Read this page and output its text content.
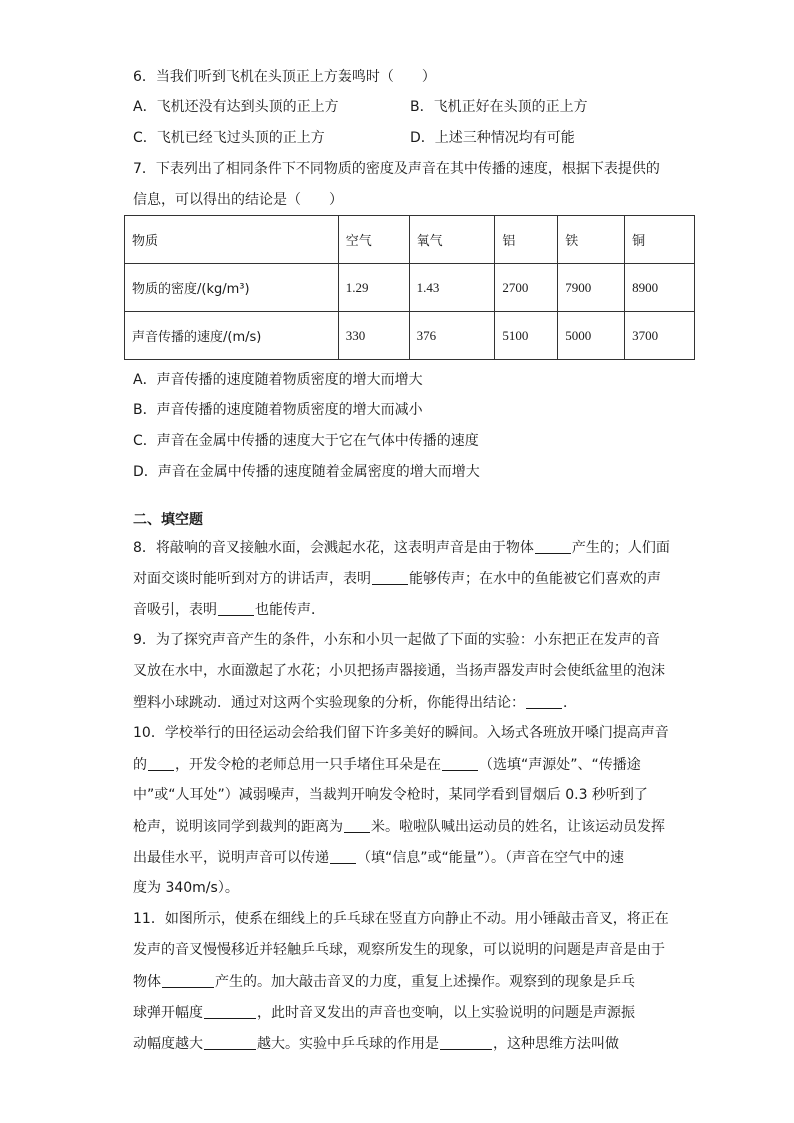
6．当我们听到飞机在头顶正上方轰鸣时（　　）
A．飞机还没有达到头顶的正上方	B．飞机正好在头顶的正上方
C．飞机已经飞过头顶的正上方	D．上述三种情况均有可能
7．下表列出了相同条件下不同物质的密度及声音在其中传播的速度，根据下表提供的
信息，可以得出的结论是（　　）
物质	空气	氧气	铝	铁	铜
物质的密度/(kg/m³)	1.29	1.43	2700	7900	8900
声音传播的速度/(m/s)	330	376	5100	5000	3700
A．声音传播的速度随着物质密度的增大而增大
B．声音传播的速度随着物质密度的增大而减小
C．声音在金属中传播的速度大于它在气体中传播的速度
D．声音在金属中传播的速度随着金属密度的增大而增大
二、填空题
8．将敲响的音叉接触水面，会溅起水花，这表明声音是由于物体	产生的；人们面
对面交谈时能听到对方的讲话声，表明	能够传声；在水中的鱼能被它们喜欢的声
音吸引，表明	也能传声．
9．为了探究声音产生的条件，小东和小贝一起做了下面的实验：小东把正在发声的音
叉放在水中，水面激起了水花；小贝把扬声器接通，当扬声器发声时会使纸盆里的泡沫
塑料小球跳动．通过对这两个实验现象的分析，你能得出结论：	．
10．学校举行的田径运动会给我们留下许多美好的瞬间。入场式各班放开嗓门提高声音
的 ，开发令枪的老师总用一只手堵住耳朵是在	（选填“声源处”、“传播途
中”或“人耳处”）减弱噪声，当裁判开响发令枪时，某同学看到冒烟后 0.3 秒听到了
枪声，说明该同学到裁判的距离为 米。啦啦队喊出运动员的姓名，让该运动员发挥
出最佳水平，说明声音可以传递 （填“信息”或“能量”）。（声音在空气中的速
度为 340m/s）。
11．如图所示，使系在细线上的乒乓球在竖直方向静止不动。用小锤敲击音叉，将正在
发声的音叉慢慢移近并轻触乒乓球，观察所发生的现象，可以说明的问题是声音是由于
物体	产生的。加大敲击音叉的力度，重复上述操作。观察到的现象是乒乓
球弹开幅度	，此时音叉发出的声音也变响，以上实验说明的问题是声源振
动幅度越大	越大。实验中乒乓球的作用是	，这种思维方法叫做
